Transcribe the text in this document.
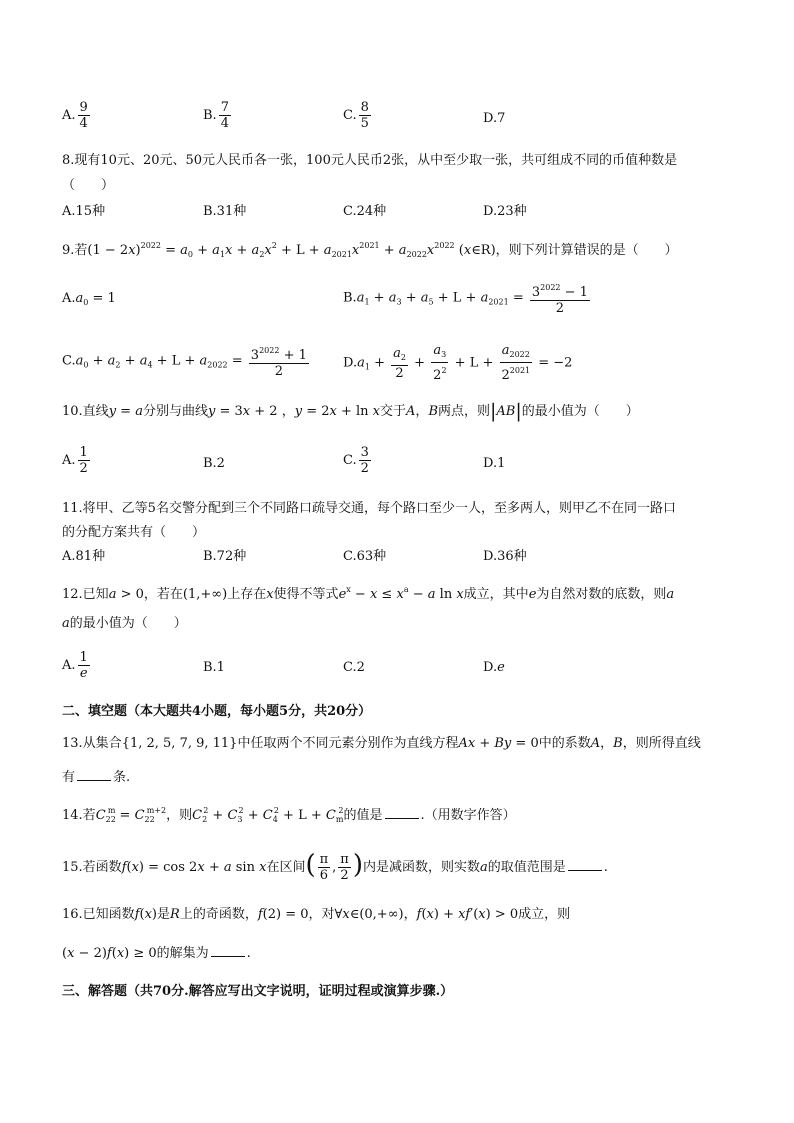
A. $\frac{9}{4}$	B. $\frac{7}{4}$	C. $\frac{8}{5}$	D.7
8.现有10元、20元、50元人民币各一张，100元人民币2张，从中至少取一张，共可组成不同的币值种数是
（　　）
A.15种	B.31种	C.24种	D.23种
9.若$(1 - 2x)^{2022} = a_0 + a_1x + a_2x^2 + L + a_{2021}x^{2021} + a_{2022}x^{2022}$ (x∈R)，则下列计算错误的是（　　）
$A.a_0 = 1$	$B.a_1 + a_3 + a_5 + L + a_{2021} = \frac{3^{2022} - 1}{2}$
$C.a_0 + a_2 + a_4 + L + a_{2022} = \frac{3^{2022} + 1}{2}$	$D.a_1 + \frac{a_2}{2} + \frac{a_3}{2^2} + L + \frac{a_{2022}}{2^{2021}} = -2$
10.直线y = a分别与曲线y = 3x + 2 ，y = 2x + ln x交于A，B两点，则|AB|的最小值为（　　）
A. $\frac{1}{2}$	B.2	C. $\frac{3}{2}$	D.1
11.将甲、乙等5名交警分配到三个不同路口疏导交通，每个路口至少一人，至多两人，则甲乙不在同一路口
的分配方案共有（　　）
A.81种	B.72种	C.63种	D.36种
12.已知a > 0，若在(1,+∞)上存在x使得不等式$e^x - x \le x^a - a$ ln x成立，其中e为自然对数的底数，则a
a的最小值为（　　）
A. $\frac{1}{e}$	B.1	C.2	D.e
二、填空题（本大题共4小题，每小题5分，共20分）
13.从集合{1, 2, 5, 7, 9, 11}中任取两个不同元素分别作为直线方程Ax + By = 0中的系数A，B，则所得直线
有	条.
14.若$C_{22}^m = C_{22}^{m+2}$，则$C_2^2 + C_3^2 + C_4^2 + L + C_m^2$的值是	.（用数字作答）
15.若函数f(x) = cos 2x + a sin x在区间( $\frac{\pi}{6}$ , $\frac{\pi}{2}$ )内是减函数，则实数a的取值范围是	.
16.已知函数f(x)是R上的奇函数，f(2) = 0，对∀x∈(0,+∞)，f(x) + xf′(x) > 0成立，则
(x − 2)f(x) ≥ 0的解集为	.
三、解答题（共70分.解答应写出文字说明，证明过程或演算步骤.）
